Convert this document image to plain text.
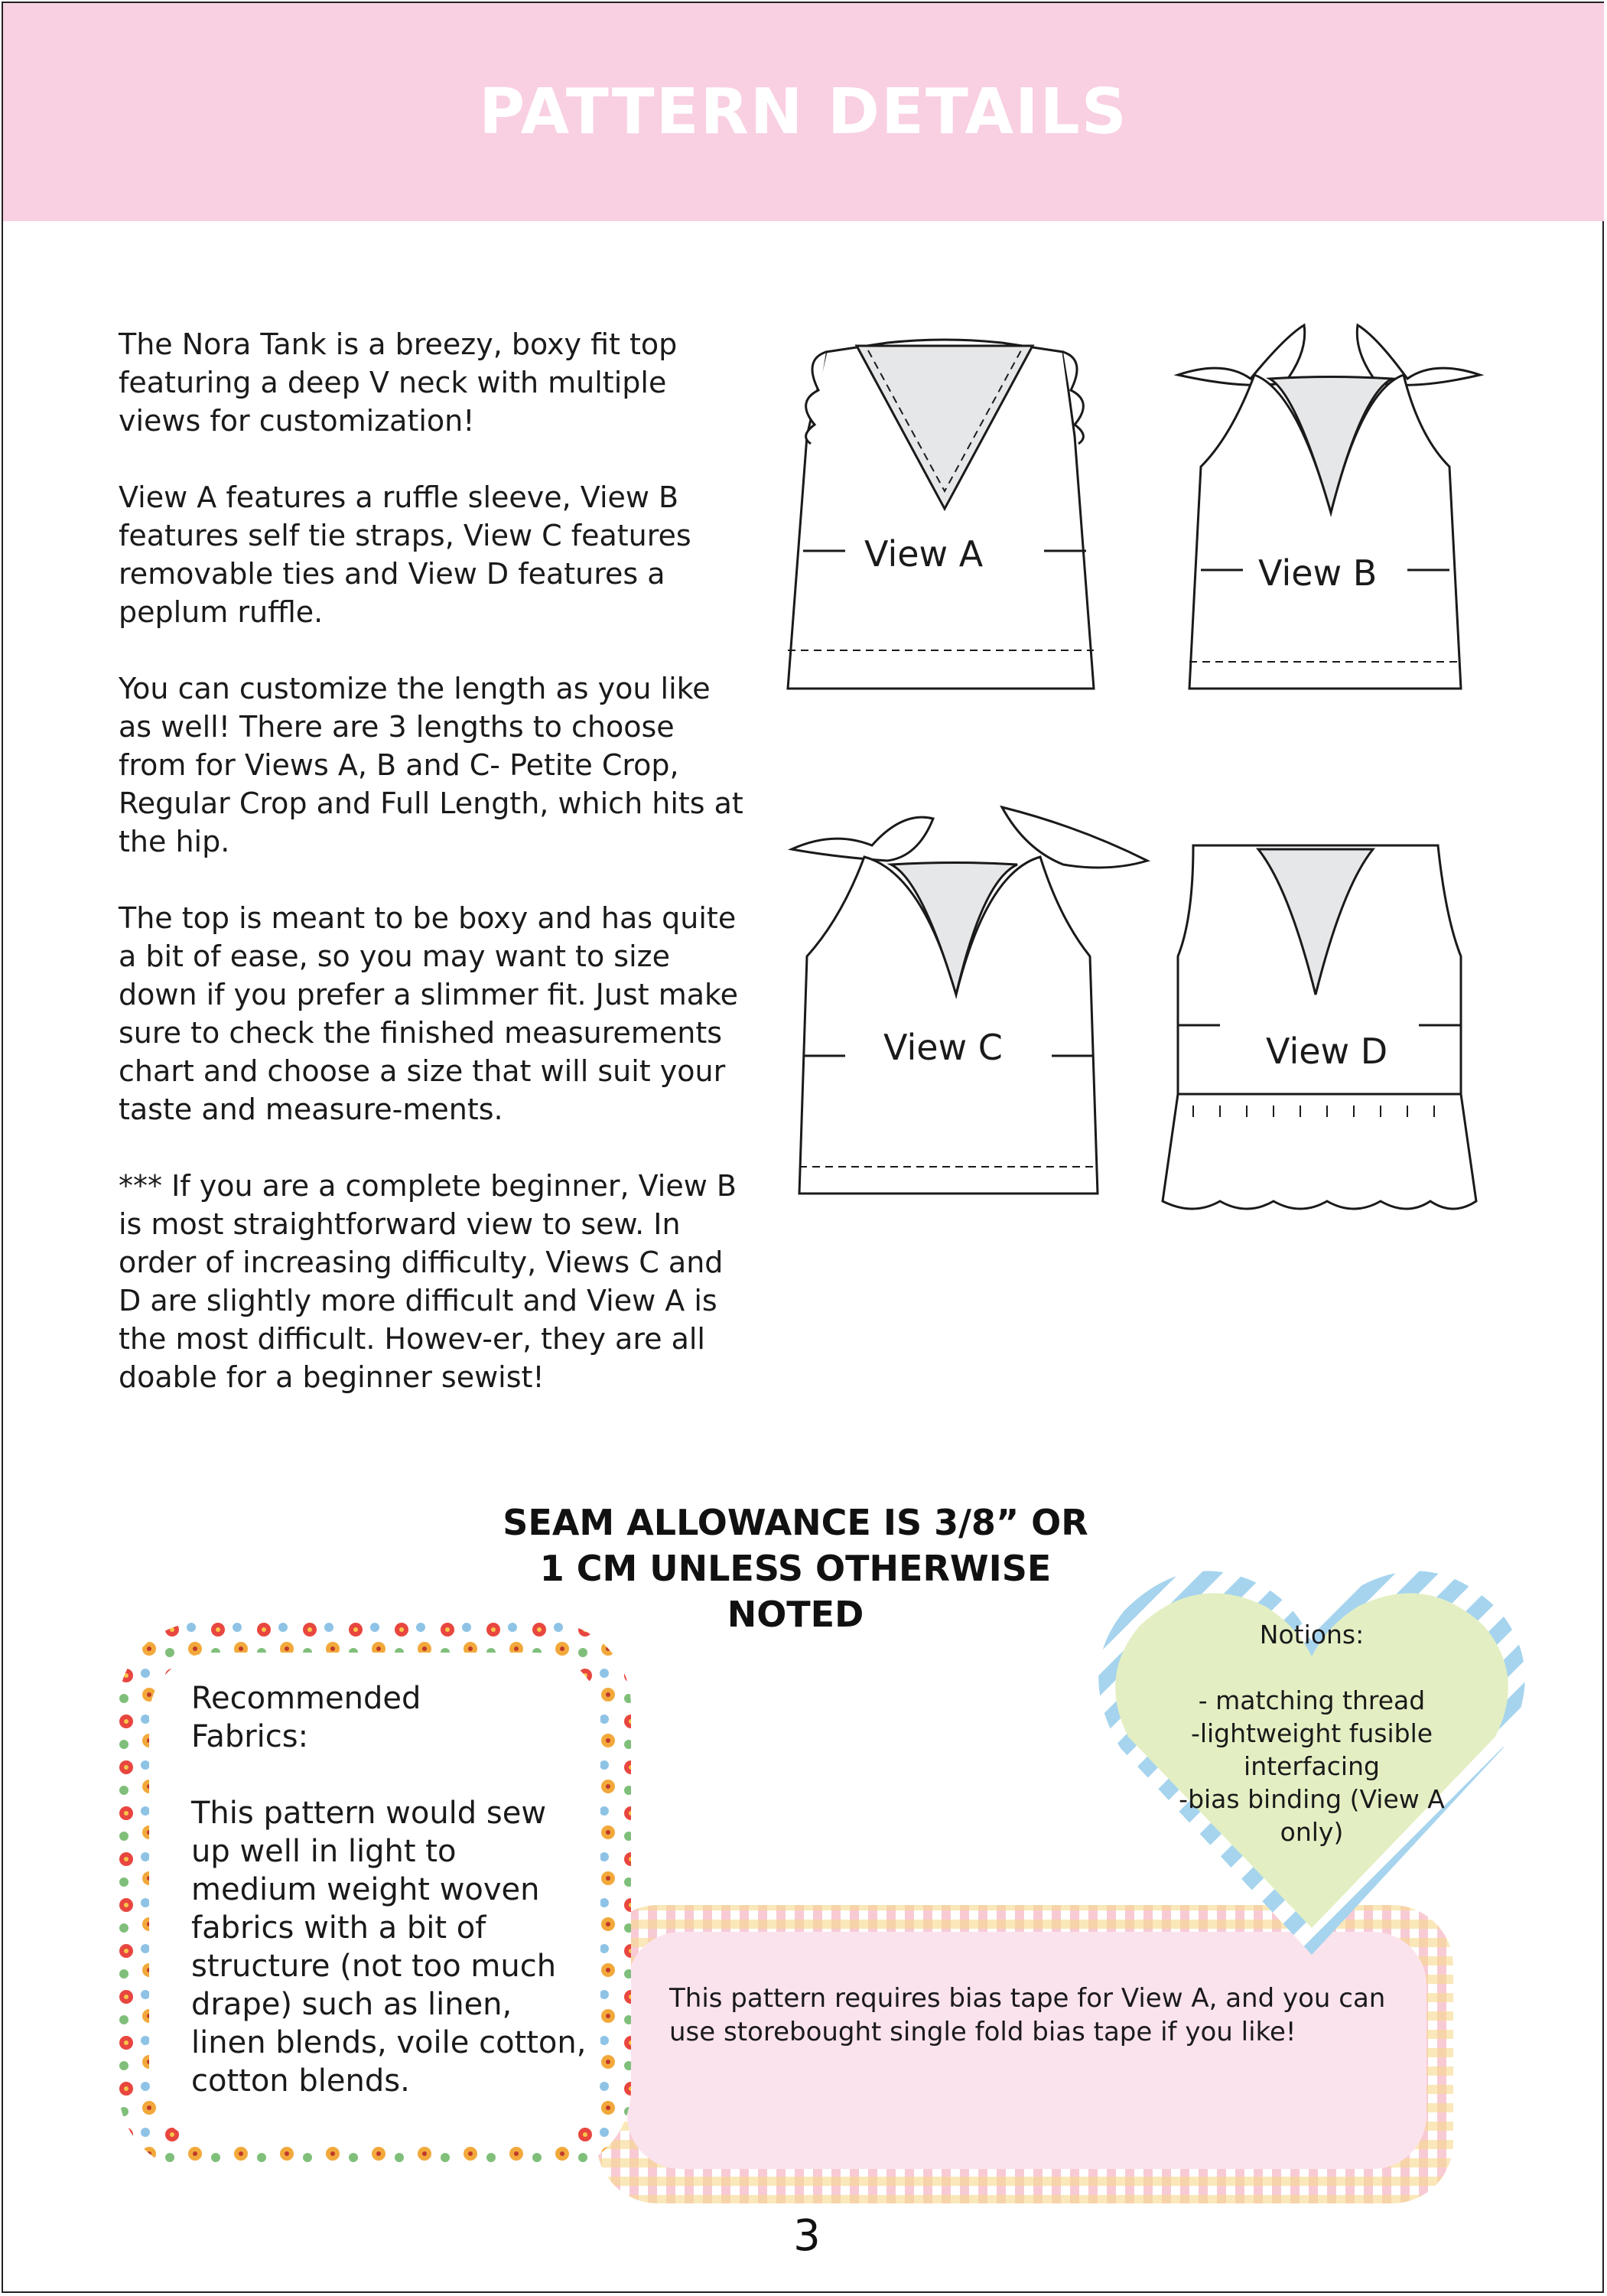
PATTERN DETAILS

The Nora Tank is a breezy, boxy fit top featuring a deep V neck with multiple views for customization!

View A features a ruffle sleeve, View B features self tie straps, View C features removable ties and View D features a peplum ruffle.

You can customize the length as you like as well! There are 3 lengths to choose from for Views A, B and C- Petite Crop, Regular Crop and Full Length, which hits at the hip.

The top is meant to be boxy and has quite a bit of ease, so you may want to size down if you prefer a slimmer fit. Just make sure to check the finished measurements chart and choose a size that will suit your taste and measure-ments.

*** If you are a complete beginner, View B is most straightforward view to sew. In order of increasing difficulty, Views C and D are slightly more difficult and View A is the most difficult. Howev-er, they are all doable for a beginner sewist!

View A	View B
View C	View D
SEAM ALLOWANCE IS 3/8” OR
1 CM UNLESS OTHERWISE
NOTED
This pattern requires bias tape for View A, and you can use storebought single fold bias tape if you like!
Recommended
Fabrics:

This pattern would sew up well in light to medium weight woven fabrics with a bit of structure (not too much drape) such as linen, linen blends, voile cotton, cotton blends.

Notions:
- matching thread
-lightweight fusible interfacing
-bias binding (View A only)
3
